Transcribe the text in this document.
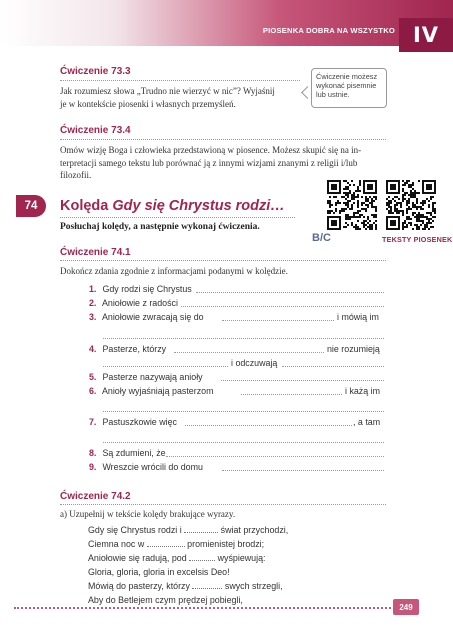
PIOSENKA DOBRA NA WSZYSTKO IV
Ćwiczenie 73.3
Jak rozumiesz słowa „Trudno nie wierzyć w nic”? Wyjaśnij
je w kontekście piosenki i własnych przemyśleń.
Ćwiczenie możesz
wykonać pisemnie
lub ustnie.
Ćwiczenie 73.4
Omów wizję Boga i człowieka przedstawioną w piosence. Możesz skupić się na in-
terpretacji samego tekstu lub porównać ją z innymi wizjami znanymi z religii i/lub
filozofii.
74	Kolęda Gdy się Chrystus rodzi…
Posłuchaj kolędy, a następnie wykonaj ćwiczenia.
B/C	TEKSTY PIOSENEK
Ćwiczenie 74.1
Dokończ zdania zgodnie z informacjami podanymi w kolędzie.
1. Gdy rodzi się Chrystus
2. Aniołowie z radości
3. Aniołowie zwracają się do	i mówią im
4. Pasterze, którzy	nie rozumieją
i odczuwają
5. Pasterze nazywają anioły
6. Anioły wyjaśniają pasterzom	i każą im
7. Pastuszkowie więc	, a tam
8. Są zdumieni, że
9. Wreszcie wrócili do domu
Ćwiczenie 74.2
a) Uzupełnij w tekście kolędy brakujące wyrazy.
Gdy się Chrystus rodzi i	świat przychodzi,
Ciemna noc w	promienistej brodzi;
Aniołowie się radują, pod	wyśpiewują:
Gloria, gloria, gloria in excelsis Deo!
Mówią do pasterzy, którzy	swych strzegli,
Aby do Betlejem czym prędzej pobiegli,
249
